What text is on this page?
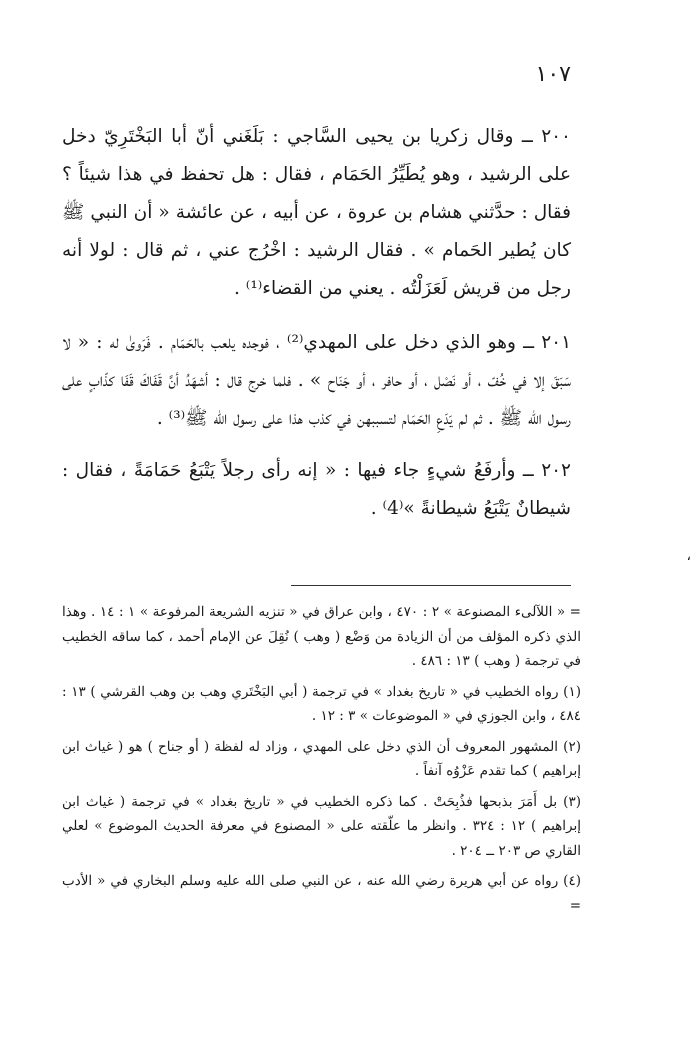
١٠٧

٢٠٠ ــ وقال زكريا بن يحيى السَّاجي : بَلَغَني أنّ أبا البَخْتَرِيّ دخل على الرشيد ، وهو يُطَيِّرُ الحَمَام ، فقال : هل تحفظ في هذا شيئاً ؟ فقال : حدَّثني هشام بن عروة ، عن أبيه ، عن عائشة « أن النبي ﷺ كان يُطير الحَمام » . فقال الرشيد : اخْرُج عني ، ثم قال : لولا أنه رجل من قريش لَعَزَلْتُه . يعني من القضاء⁽¹⁾ .

٢٠١ ــ وهو الذي دخل على المهدي⁽²⁾ ، فوجده يلعب بالحَمَام . فَرَوىٰ له : « لا سَبَقَ إلا في خُفّ ، أو نَصْل ، أو حافر ، أو جَنَاح » . فلما خرج قال : أشهَدُ أنَّ قَفَاكَ قَفَا كذّابٍ على رسول الله ﷺ . ثم لم يَدَعِ الحَمَام لتسببهن في كذب هذا على رسول الله ﷺ⁽³⁾ .

٢٠٢ ــ وأرفَعُ شيءٍ جاء فيها : « إنه رأى رجلاً يَتْبَعُ حَمَامَةً ، فقال : شيطانٌ يَتْبَعُ شيطانةً »⁽4⁾ .

= « اللآلىء المصنوعة » ٢ : ٤٧٠ ، وابن عراق في « تنزيه الشريعة المرفوعة » ١ : ١٤ . وهذا الذي ذكره المؤلف من أن الزيادة من وَضْع ( وهب ) نُقِلَ عن الإمام أحمد ، كما ساقه الخطيب في ترجمة ( وهب ) ١٣ : ٤٨٦ .

(١) رواه الخطيب في « تاريخ بغداد » في ترجمة ( أبي البَخْتَري وهب بن وهب القرشي ) ١٣ : ٤٨٤ ، وابن الجوزي في « الموضوعات » ٣ : ١٢ .

(٢) المشهور المعروف أن الذي دخل على المهدي ، وزاد له لفظة ( أو جناح ) هو ( غياث ابن إبراهيم ) كما تقدم عَزْوُه آنفاً .

(٣) بل أَمَرَ بذبحها فذُبِحَتْ . كما ذكره الخطيب في « تاريخ بغداد » في ترجمة ( غياث ابن إبراهيم ) ١٢ : ٣٢٤ . وانظر ما علّقته على « المصنوع في معرفة الحديث الموضوع » لعلي القاري ص ٢٠٣ ــ ٢٠٤ .

(٤) رواه عن أبي هريرة رضي الله عنه ، عن النبي صلى الله عليه وسلم البخاري في « الأدب =

،
